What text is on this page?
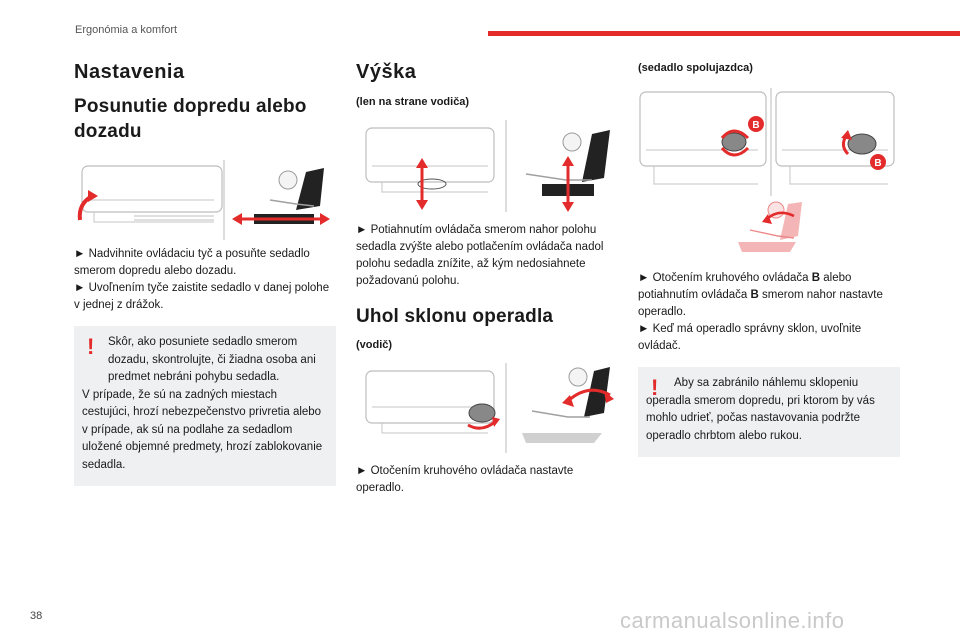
Ergonómia a komfort
Nastavenia
Posunutie dopredu alebo dozadu

► Nadvihnite ovládaciu tyč a posuňte sedadlo smerom dopredu alebo dozadu.

► Uvoľnením tyče zaistite sedadlo v danej polohe v jednej z drážok.

!	Skôr, ako posuniete sedadlo smerom dozadu, skontrolujte, či žiadna osoba ani predmet nebráni pohybu sedadla.

V prípade, že sú na zadných miestach cestujúci, hrozí nebezpečenstvo privretia alebo v prípade, ak sú na podlahe za sedadlom uložené objemné predmety, hrozí zablokovanie sedadla.

Výška
(len na strane vodiča)

► Potiahnutím ovládača smerom nahor polohu sedadla zvýšte alebo potlačením ovládača nadol polohu sedadla znížite, až kým nedosiahnete požadovanú polohu.

Uhol sklonu operadla
(vodič)

► Otočením kruhového ovládača nastavte operadlo.

(sedadlo spolujazdca)
B
B

► Otočením kruhového ovládača B alebo potiahnutím ovládača B smerom nahor nastavte operadlo.

► Keď má operadlo správny sklon, uvoľnite ovládač.

!	Aby sa zabránilo náhlemu sklopeniu operadla smerom dopredu, pri ktorom by vás mohlo udrieť, počas nastavovania podržte operadlo chrbtom alebo rukou.

38	carmanualsonline.info
